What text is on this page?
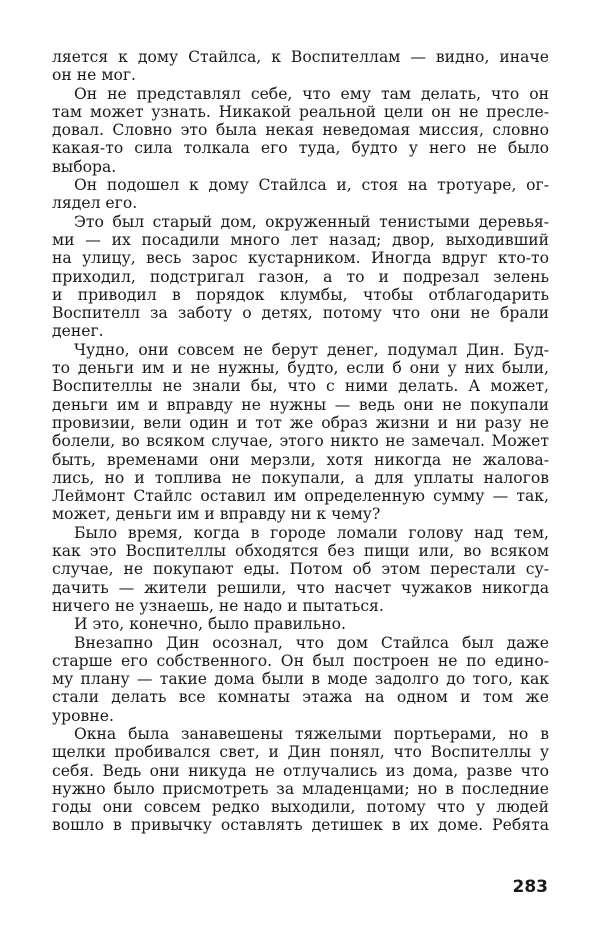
ляется к дому Стайлса, к Воспителлам — видно, иначе
он не мог.
Он не представлял себе, что ему там делать, что он
там может узнать. Никакой реальной цели он не пресле-
довал. Словно это была некая неведомая миссия, словно
какая-то сила толкала его туда, будто у него не было
выбора.
Он подошел к дому Стайлса и, стоя на тротуаре, ог-
лядел его.
Это был старый дом, окруженный тенистыми деревья-
ми — их посадили много лет назад; двор, выходивший
на улицу, весь зарос кустарником. Иногда вдруг кто-то
приходил, подстригал газон, а то и подрезал зелень
и приводил в порядок клумбы, чтобы отблагодарить
Воспителл за заботу о детях, потому что они не брали
денег.
Чудно, они совсем не берут денег, подумал Дин. Буд-
то деньги им и не нужны, будто, если б они у них были,
Воспителлы не знали бы, что с ними делать. А может,
деньги им и вправду не нужны — ведь они не покупали
провизии, вели один и тот же образ жизни и ни разу не
болели, во всяком случае, этого никто не замечал. Может
быть, временами они мерзли, хотя никогда не жалова-
лись, но и топлива не покупали, а для уплаты налогов
Леймонт Стайлс оставил им определенную сумму — так,
может, деньги им и вправду ни к чему?
Было время, когда в городе ломали голову над тем,
как это Воспителлы обходятся без пищи или, во всяком
случае, не покупают еды. Потом об этом перестали су-
дачить — жители решили, что насчет чужаков никогда
ничего не узнаешь, не надо и пытаться.
И это, конечно, было правильно.
Внезапно Дин осознал, что дом Стайлса был даже
старше его собственного. Он был построен не по едино-
му плану — такие дома были в моде задолго до того, как
стали делать все комнаты этажа на одном и том же
уровне.
Окна была занавешены тяжелыми портьерами, но в
щелки пробивался свет, и Дин понял, что Воспителлы у
себя. Ведь они никуда не отлучались из дома, разве что
нужно было присмотреть за младенцами; но в последние
годы они совсем редко выходили, потому что у людей
вошло в привычку оставлять детишек в их доме. Ребята
283
